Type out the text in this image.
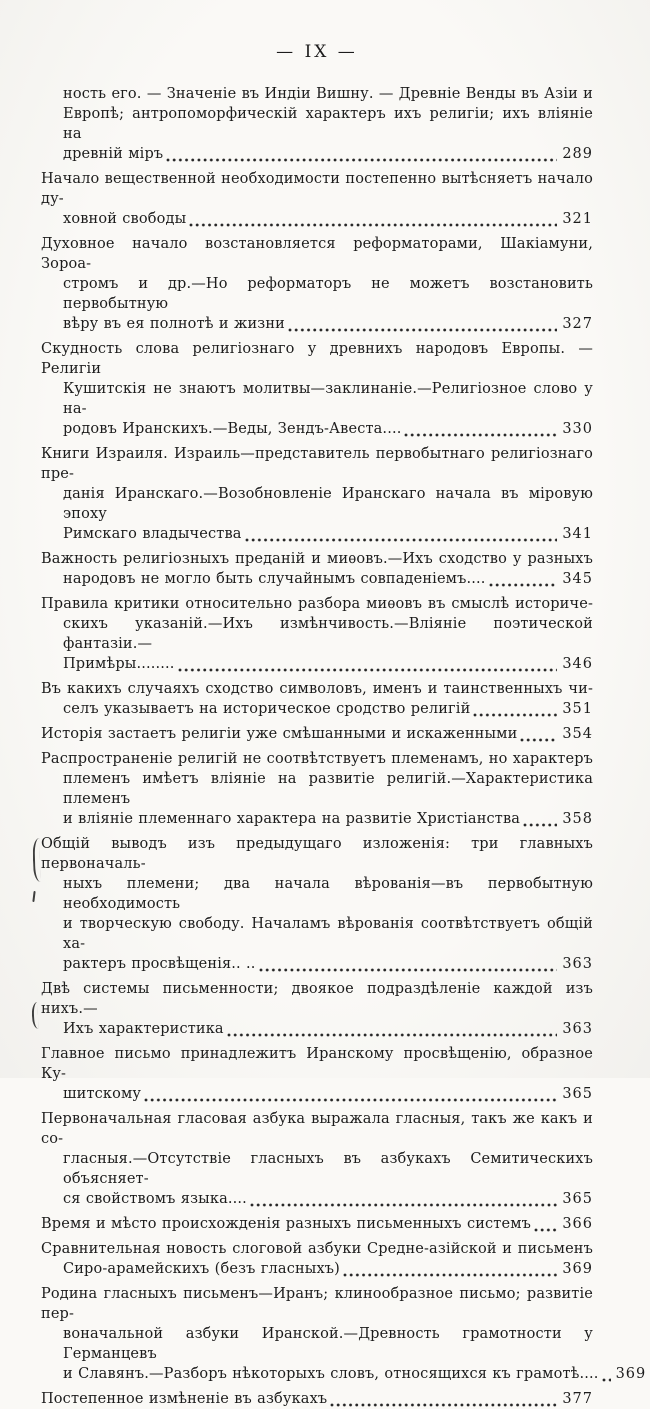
— IX —
ность его. — Значеніе въ Индіи Вишну. — Древніе Венды въ Азіи и
Европѣ; антропоморфическій характеръ ихъ религіи; ихъ вліяніе на
древній міръ	289
Начало вещественной необходимости постепенно вытѣсняетъ начало ду-
ховной свободы	321
Духовное начало возстановляется реформаторами, Шакіамуни, Зороа-
стромъ и др.—Но реформаторъ не можетъ возстановить первобытную
вѣру въ ея полнотѣ и жизни	327
Скудность слова религіознаго у древнихъ народовъ Европы. — Религіи
Кушитскія не знаютъ молитвы—заклинаніе.—Религіозное слово у на-
родовъ Иранскихъ.—Веды, Зендъ-Авеста....	330
Книги Израиля. Израиль—представитель первобытнаго религіознаго пре-
данія Иранскаго.—Возобновленіе Иранскаго начала въ міровую эпоху
Римскаго владычества	341
Важность религіозныхъ преданій и миѳовъ.—Ихъ сходство у разныхъ
народовъ не могло быть случайнымъ совпаденіемъ....	345
Правила критики относительно разбора миѳовъ въ смыслѣ историче-
скихъ указаній.—Ихъ измѣнчивость.—Вліяніе поэтической фантазіи.—
Примѣры........	346
Въ какихъ случаяхъ сходство символовъ, именъ и таинственныхъ чи-
селъ указываетъ на историческое сродство религій	351
Исторія застаетъ религіи уже смѣшанными и искаженными	354
Распространеніе религій не соотвѣтствуетъ племенамъ, но характеръ
племенъ имѣетъ вліяніе на развитіе религій.—Характеристика племенъ
и вліяніе племеннаго характера на развитіе Христіанства	358
Общій выводъ изъ предыдущаго изложенія: три главныхъ первоначаль-
ныхъ племени; два начала вѣрованія—въ первобытную необходимость
и творческую свободу. Началамъ вѣрованія соотвѣтствуетъ общій ха-
рактеръ просвѣщенія.. ..	363
Двѣ системы письменности; двоякое подраздѣленіе каждой изъ нихъ.—
Ихъ характеристика	363
Главное письмо принадлежитъ Иранскому просвѣщенію, образное Ку-
шитскому	365
Первоначальная гласовая азбука выражала гласныя, такъ же какъ и со-
гласныя.—Отсутствіе гласныхъ въ азбукахъ Семитическихъ объясняет-
ся свойствомъ языка....	365
Время и мѣсто происхожденія разныхъ письменныхъ системъ 366
Сравнительная новость слоговой азбуки Средне-азійской и письменъ
Сиро-арамейскихъ (безъ гласныхъ)	369
Родина гласныхъ письменъ—Иранъ; клинообразное письмо; развитіе пер-
воначальной азбуки Иранской.—Древность грамотности у Германцевъ
и Славянъ.—Разборъ нѣкоторыхъ словъ, относящихся къ грамотѣ.... 369
Постепенное измѣненіе въ азбукахъ	377
